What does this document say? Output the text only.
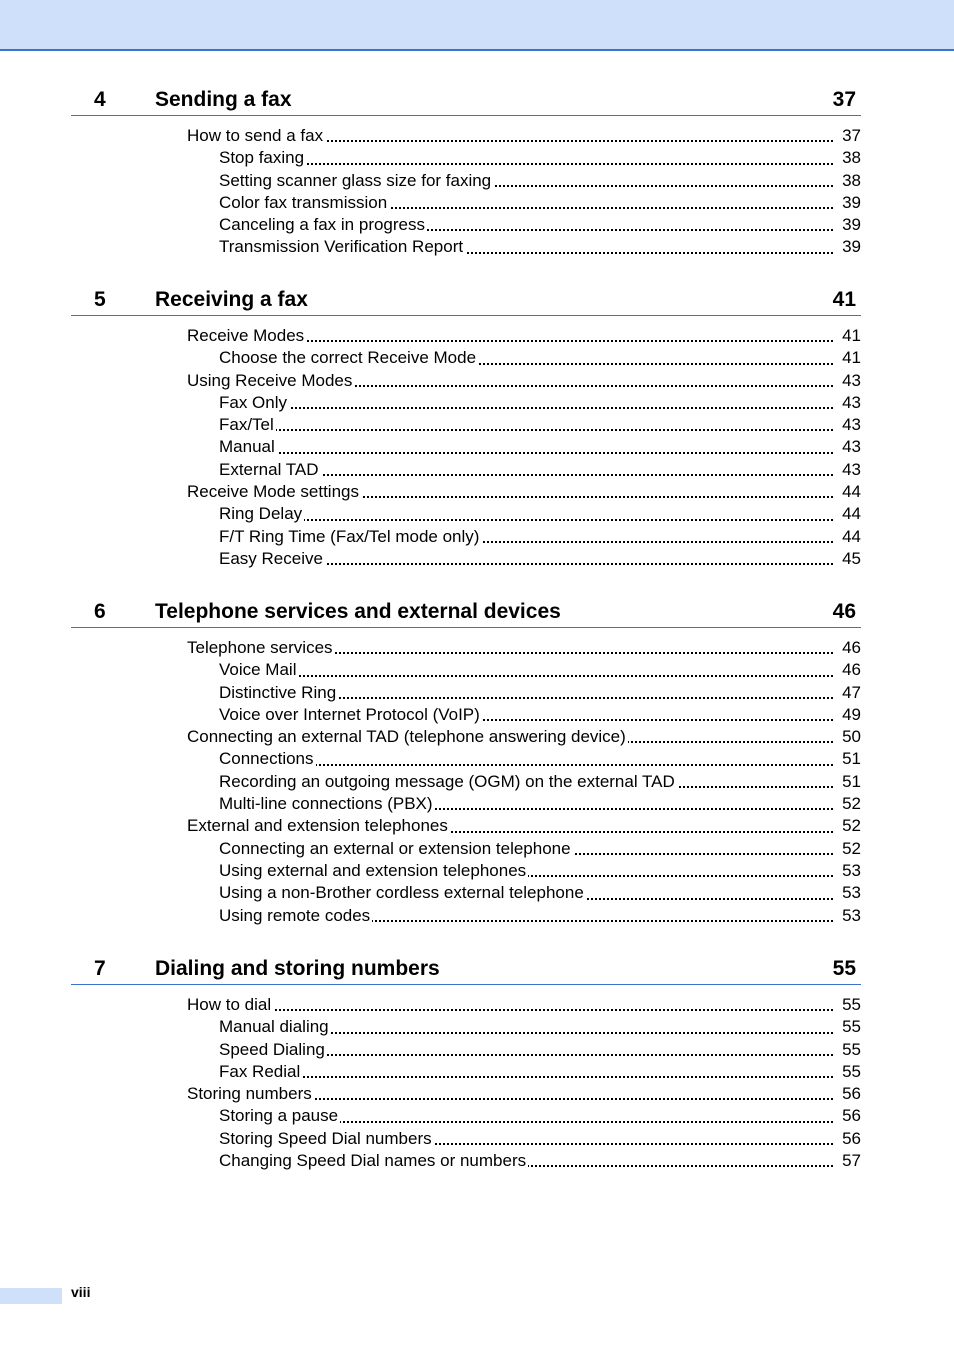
4 Sending a fax	37
How to send a fax	37
Stop faxing	38
Setting scanner glass size for faxing	38
Color fax transmission	39
Canceling a fax in progress	39
Transmission Verification Report	39
5 Receiving a fax	41
Receive Modes	41
Choose the correct Receive Mode	41
Using Receive Modes	43
Fax Only	43
Fax/Tel	43
Manual	43
External TAD	43
Receive Mode settings	44
Ring Delay	44
F/T Ring Time (Fax/Tel mode only)	44
Easy Receive	45
6 Telephone services and external devices	46
Telephone services	46
Voice Mail	46
Distinctive Ring	47
Voice over Internet Protocol (VoIP)	49
Connecting an external TAD (telephone answering device)	50
Connections	51
Recording an outgoing message (OGM) on the external TAD	51
Multi-line connections (PBX)	52
External and extension telephones	52
Connecting an external or extension telephone	52
Using external and extension telephones	53
Using a non-Brother cordless external telephone	53
Using remote codes	53
7 Dialing and storing numbers	55
How to dial	55
Manual dialing	55
Speed Dialing	55
Fax Redial	55
Storing numbers	56
Storing a pause	56
Storing Speed Dial numbers	56
Changing Speed Dial names or numbers	57
viii
